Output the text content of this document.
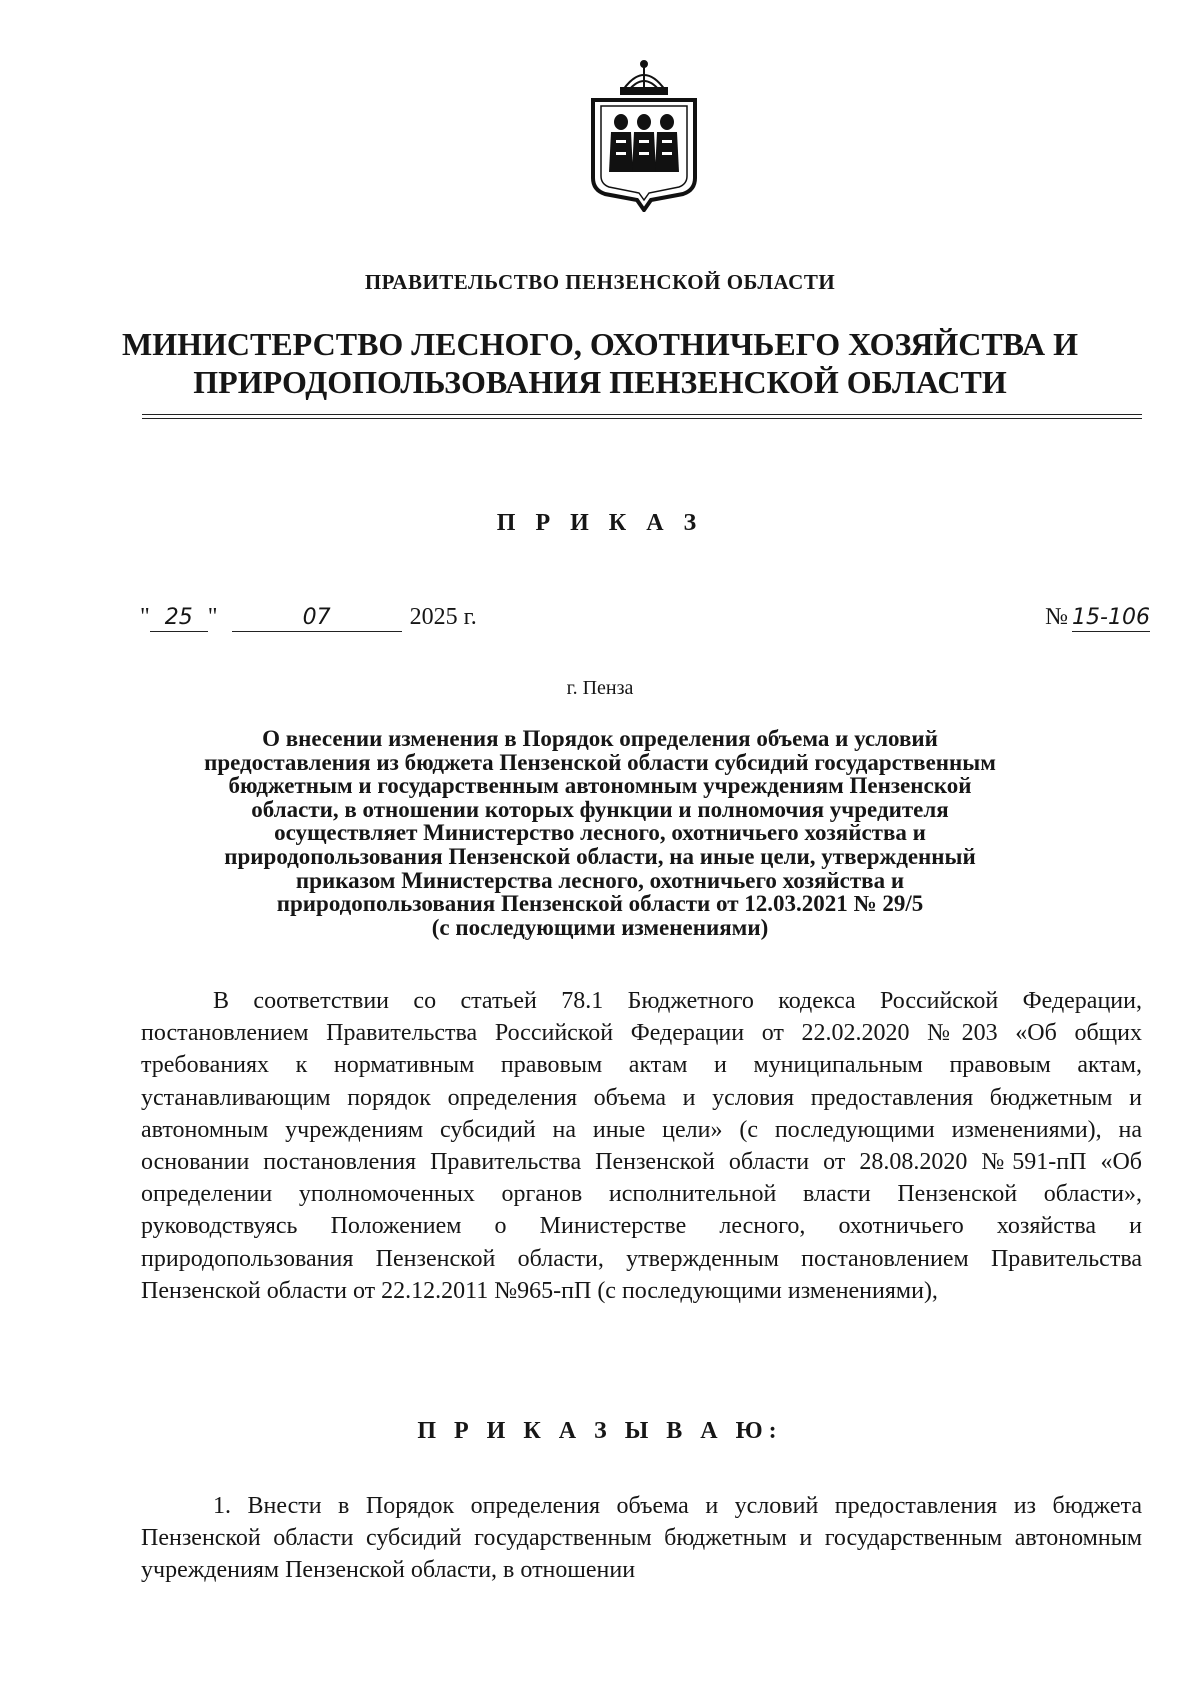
ПРАВИТЕЛЬСТВО ПЕНЗЕНСКОЙ ОБЛАСТИ
МИНИСТЕРСТВО ЛЕСНОГО, ОХОТНИЧЬЕГО ХОЗЯЙСТВА И
ПРИРОДОПОЛЬЗОВАНИЯ ПЕНЗЕНСКОЙ ОБЛАСТИ
П Р И К А З
" 25 "	07	2025 г.	№ 15-106
г. Пенза
О внесении изменения в Порядок определения объема и условий
предоставления из бюджета Пензенской области субсидий государственным
бюджетным и государственным автономным учреждениям Пензенской
области, в отношении которых функции и полномочия учредителя
осуществляет Министерство лесного, охотничьего хозяйства и
природопользования Пензенской области, на иные цели, утвержденный
приказом Министерства лесного, охотничьего хозяйства и
природопользования Пензенской области от 12.03.2021 № 29/5
(с последующими изменениями)

В соответствии со статьей 78.1 Бюджетного кодекса Российской Федерации, постановлением Правительства Российской Федерации от 22.02.2020 №203 «Об общих требованиях к нормативным правовым актам и муниципальным правовым актам, устанавливающим порядок определения объема и условия предоставления бюджетным и автономным учреждениям субсидий на иные цели» (с последующими изменениями), на основании постановления Правительства Пензенской области от 28.08.2020 №591-пП «Об определении уполномоченных органов исполнительной власти Пензенской области», руководствуясь Положением о Министерстве лесного, охотничьего хозяйства и природопользования Пензенской области, утвержденным постановлением Правительства Пензенской области от 22.12.2011 №965-пП (с последующими изменениями),

П Р И К А З Ы В А Ю:

1. Внести в Порядок определения объема и условий предоставления из бюджета Пензенской области субсидий государственным бюджетным и государственным автономным учреждениям Пензенской области, в отношении
